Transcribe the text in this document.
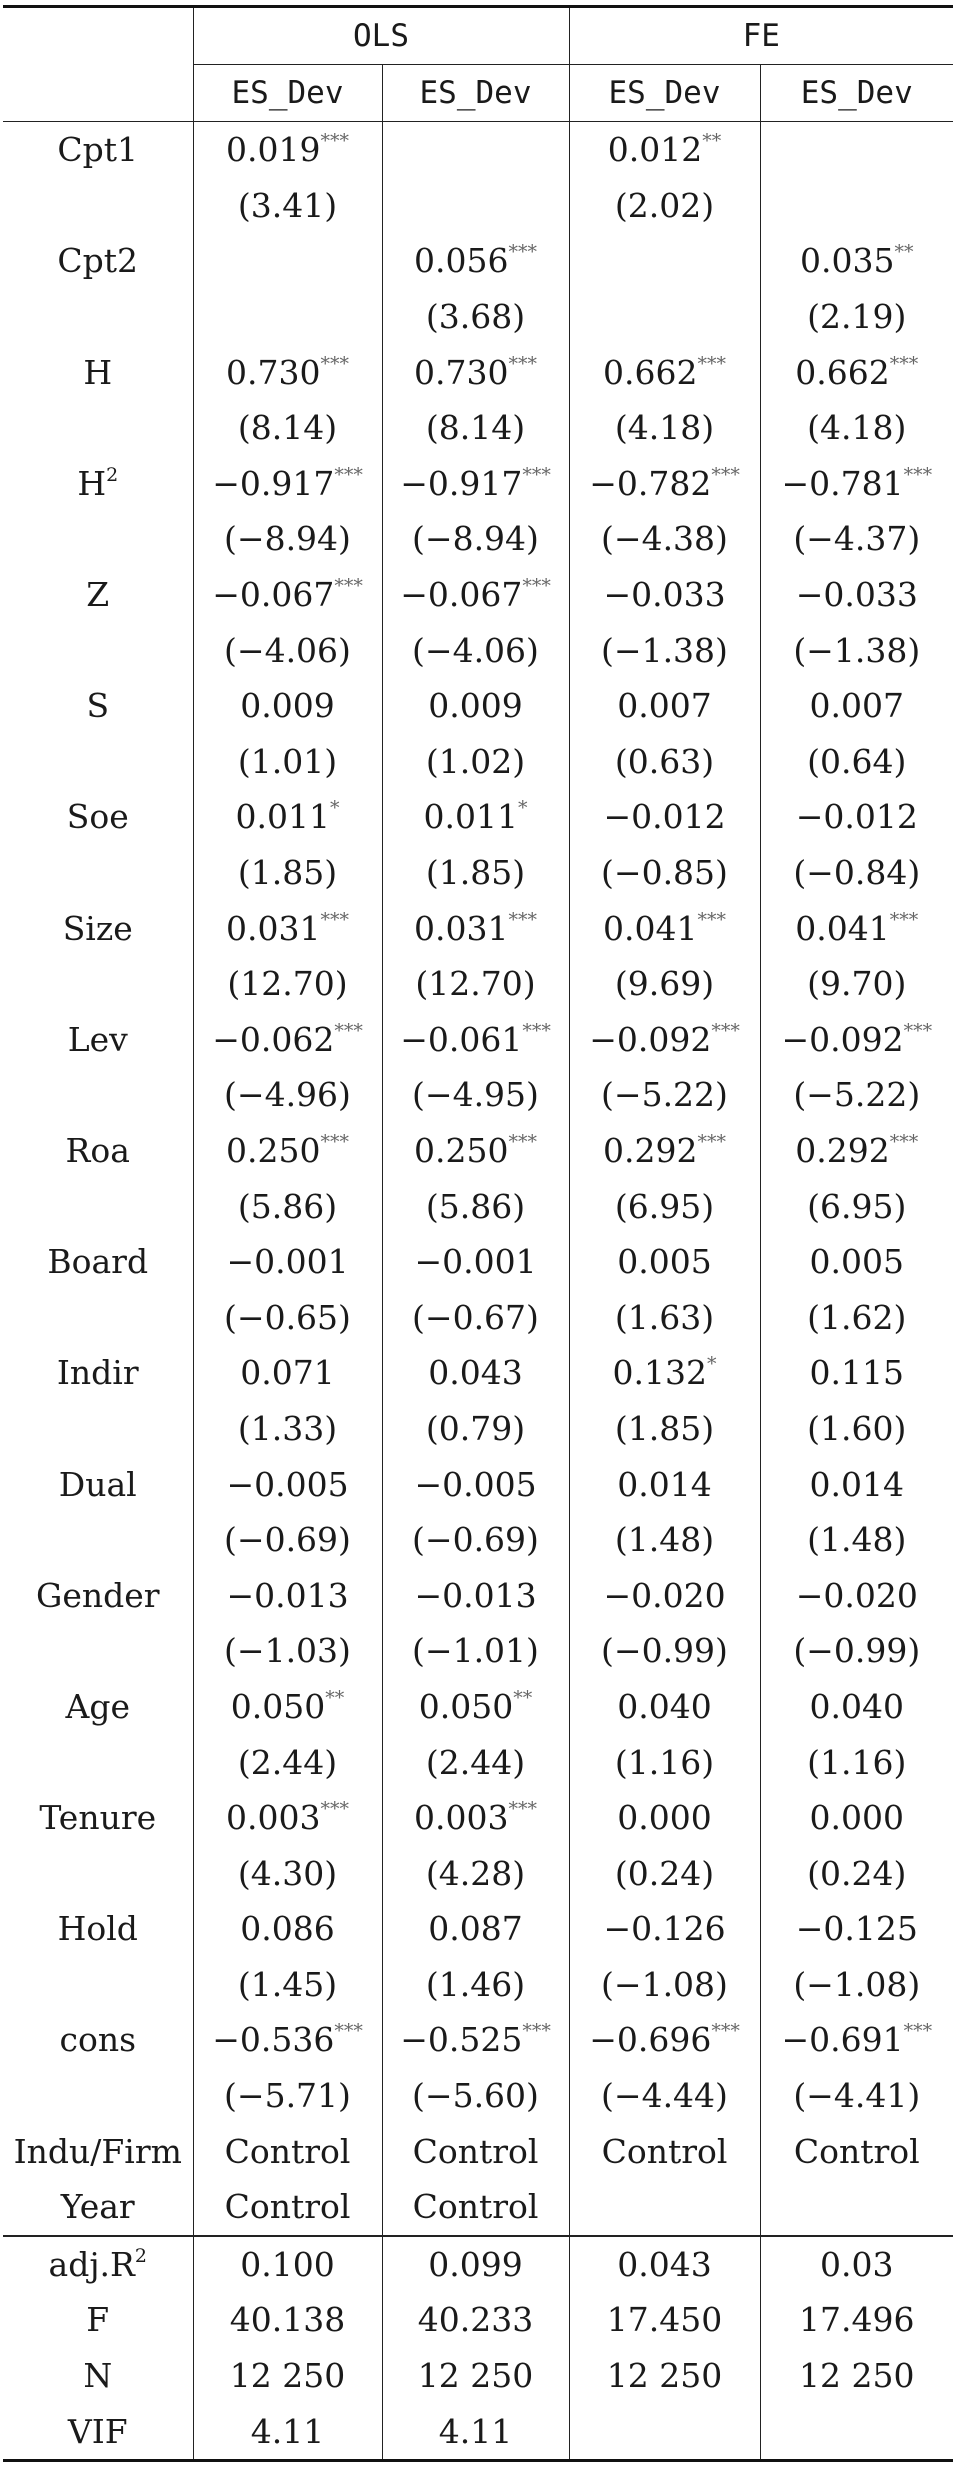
	OLS		FE	
	ES_Dev	ES_Dev	ES_Dev	ES_Dev
Cpt1	0.019***		0.012**	
	(3.41)		(2.02)	
Cpt2		0.056***		0.035**
		(3.68)		(2.19)
H	0.730***	0.730***	0.662***	0.662***
	(8.14)	(8.14)	(4.18)	(4.18)
$H^2$	−0.917***	−0.917***	−0.782***	−0.781***
	(−8.94)	(−8.94)	(−4.38)	(−4.37)
Z	−0.067***	−0.067***	−0.033	−0.033
	(−4.06)	(−4.06)	(−1.38)	(−1.38)
S	0.009	0.009	0.007	0.007
	(1.01)	(1.02)	(0.63)	(0.64)
Soe	0.011*	0.011*	−0.012	−0.012
	(1.85)	(1.85)	(−0.85)	(−0.84)
Size	0.031***	0.031***	0.041***	0.041***
	(12.70)	(12.70)	(9.69)	(9.70)
Lev	−0.062***	−0.061***	−0.092***	−0.092***
	(−4.96)	(−4.95)	(−5.22)	(−5.22)
Roa	0.250***	0.250***	0.292***	0.292***
	(5.86)	(5.86)	(6.95)	(6.95)
Board	−0.001	−0.001	0.005	0.005
	(−0.65)	(−0.67)	(1.63)	(1.62)
Indir	0.071	0.043	0.132*	0.115
	(1.33)	(0.79)	(1.85)	(1.60)
Dual	−0.005	−0.005	0.014	0.014
	(−0.69)	(−0.69)	(1.48)	(1.48)
Gender	−0.013	−0.013	−0.020	−0.020
	(−1.03)	(−1.01)	(−0.99)	(−0.99)
Age	0.050**	0.050**	0.040	0.040
	(2.44)	(2.44)	(1.16)	(1.16)
Tenure	0.003***	0.003***	0.000	0.000
	(4.30)	(4.28)	(0.24)	(0.24)
Hold	0.086	0.087	−0.126	−0.125
	(1.45)	(1.46)	(−1.08)	(−1.08)
cons	−0.536***	−0.525***	−0.696***	−0.691***
	(−5.71)	(−5.60)	(−4.44)	(−4.41)
Indu/Firm	Control	Control	Control	Control
Year	Control	Control		
$adj.R^2$	0.100	0.099	0.043	0.03
F	40.138	40.233	17.450	17.496
N	12 250	12 250	12 250	12 250
VIF	4.11	4.11		
